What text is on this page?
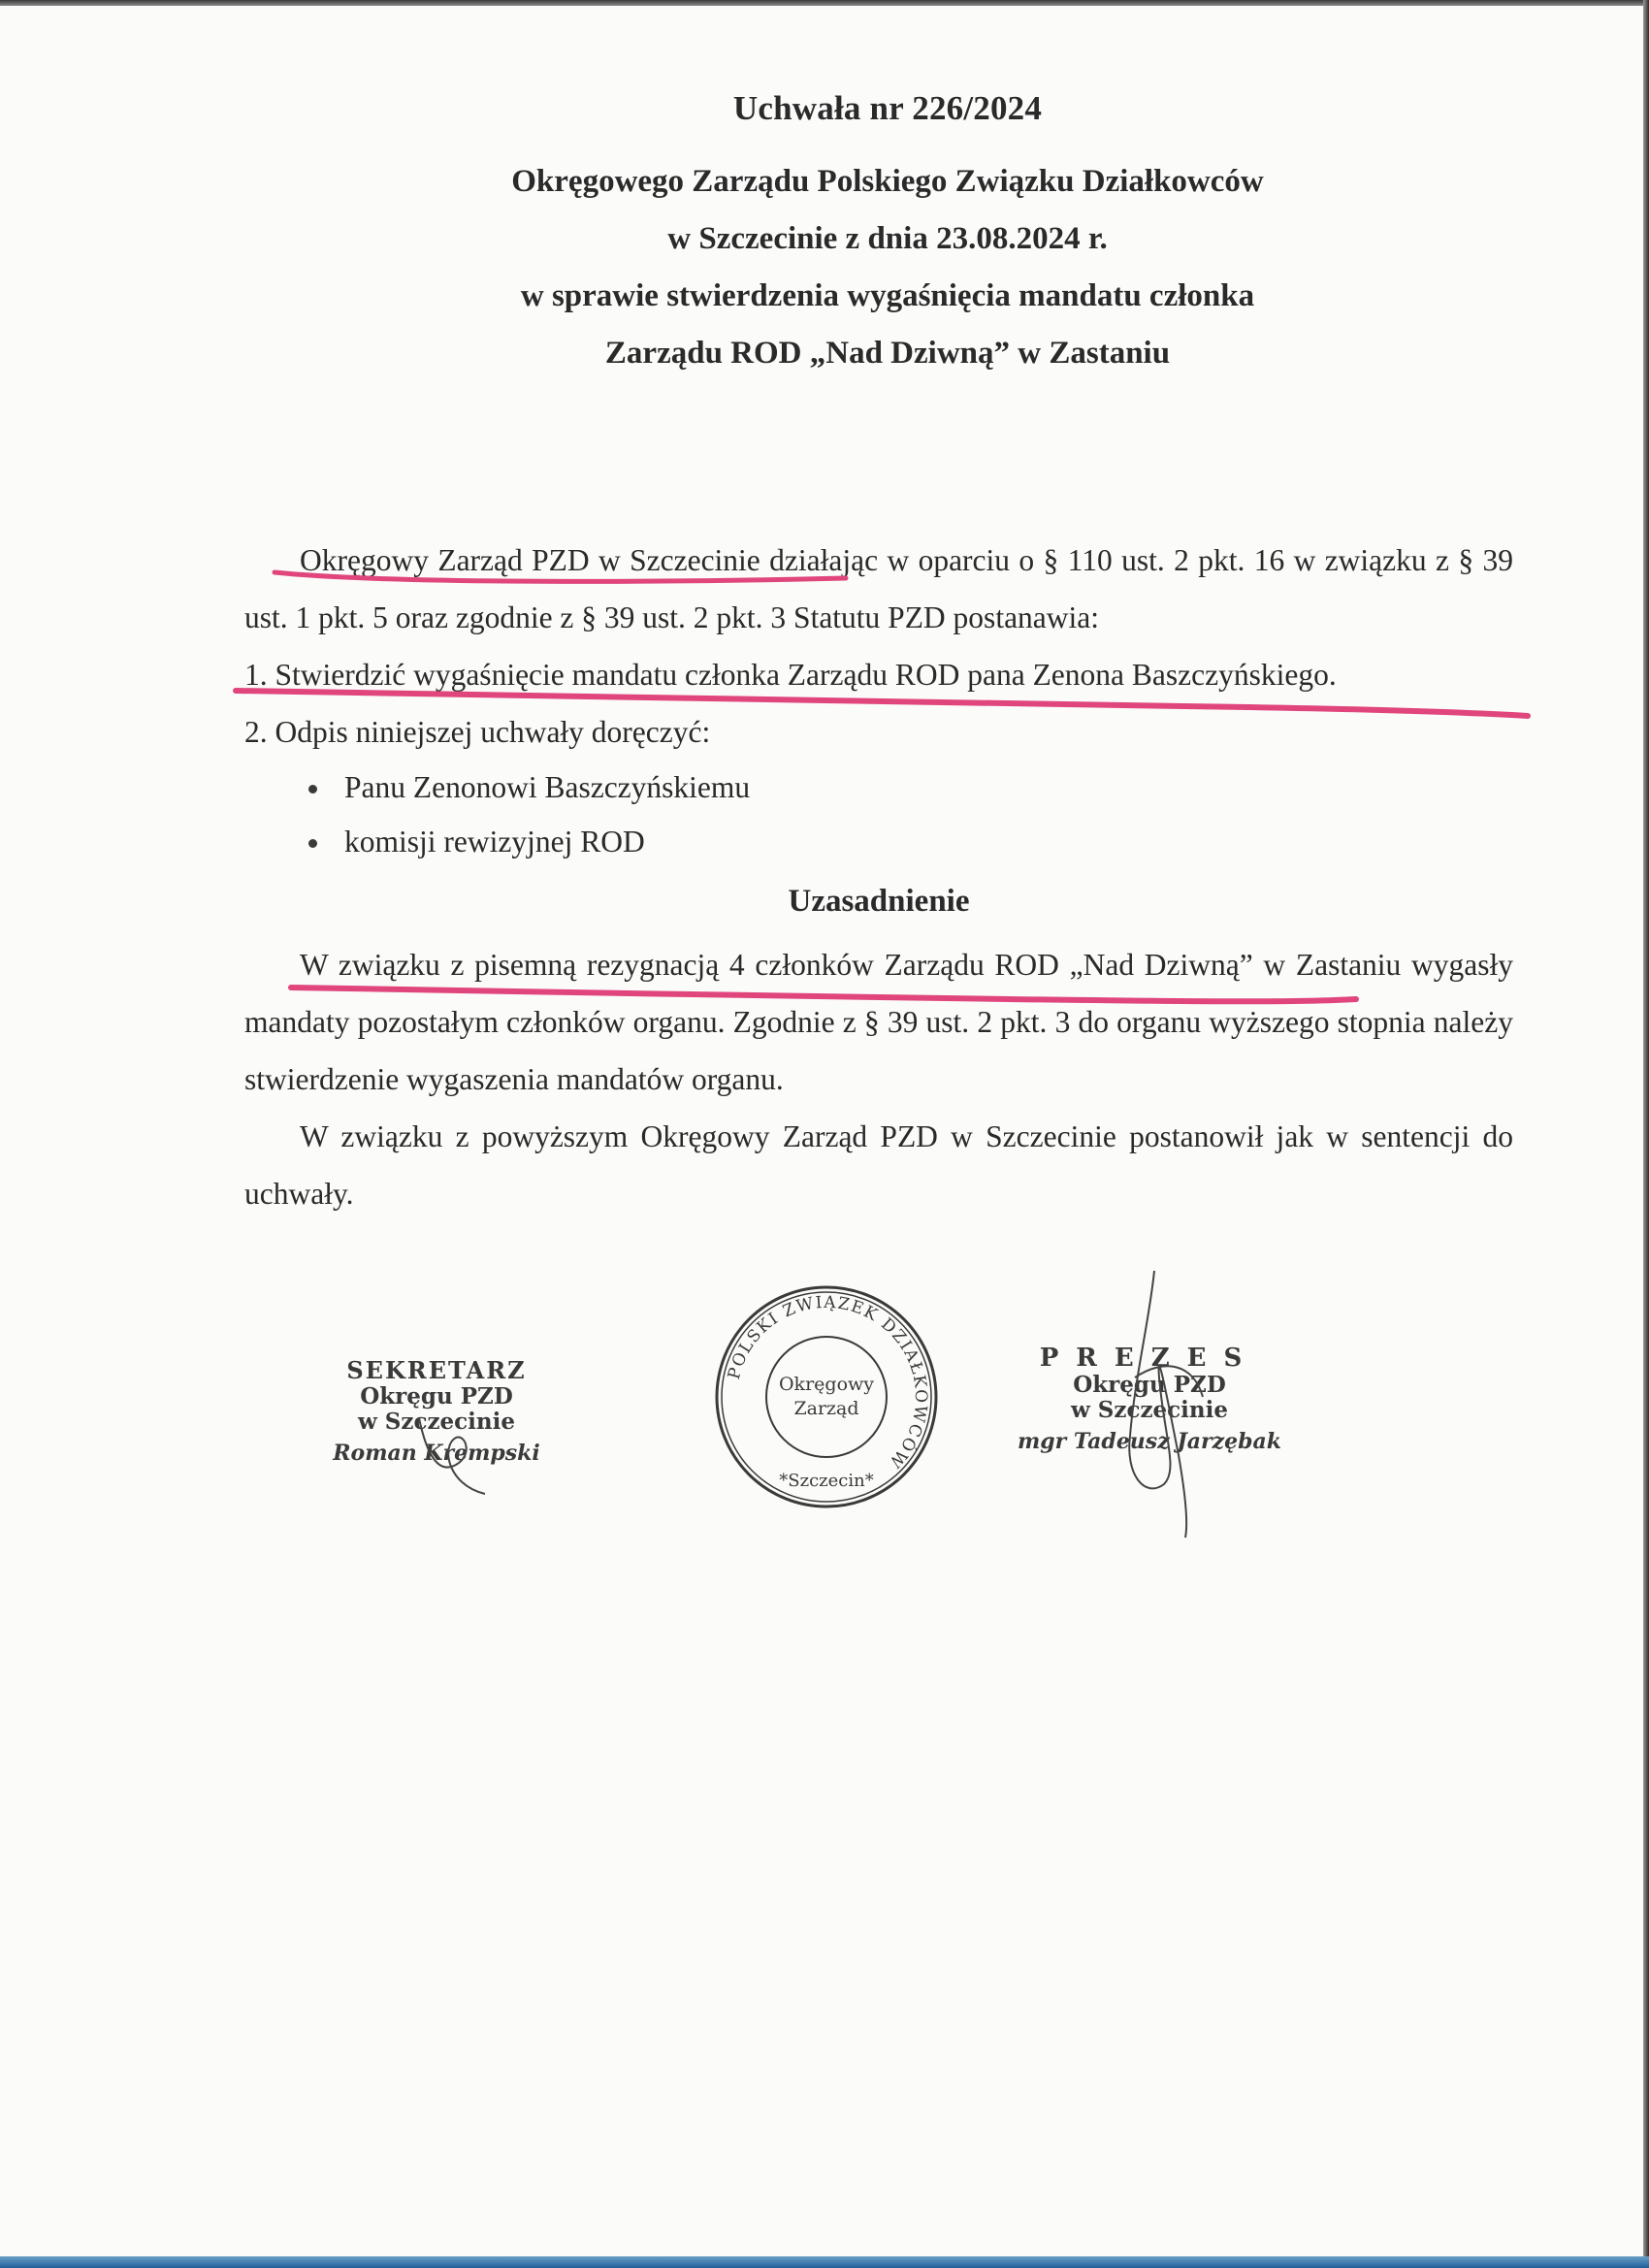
Uchwała nr 226/2024

Okręgowego Zarządu Polskiego Związku Działkowców

w Szczecinie z dnia 23.08.2024 r.

w sprawie stwierdzenia wygaśnięcia mandatu członka

Zarządu ROD „Nad Dziwną” w Zastaniu

Okręgowy Zarząd PZD w Szczecinie działając w oparciu o § 110 ust. 2 pkt. 16 w związku z § 39 ust. 1 pkt. 5 oraz zgodnie z § 39 ust. 2 pkt. 3 Statutu PZD postanawia:

1. Stwierdzić wygaśnięcie mandatu członka Zarządu ROD pana Zenona Baszczyńskiego.

2. Odpis niniejszej uchwały doręczyć:

Panu Zenonowi Baszczyńskiemu
komisji rewizyjnej ROD

Uzasadnienie

W związku z pisemną rezygnacją 4 członków Zarządu ROD „Nad Dziwną” w Zastaniu wygasły mandaty pozostałym członków organu. Zgodnie z § 39 ust. 2 pkt. 3 do organu wyższego stopnia należy stwierdzenie wygaszenia mandatów organu.

W związku z powyższym Okręgowy Zarząd PZD w Szczecinie postanowił jak w sentencji do uchwały.

POLSKI ZWIĄZEK DZIAŁKOWCÓW
Okręgowy
Zarząd
*Szczecin*
SEKRETARZ
Okręgu PZD
w Szczecinie
Roman Krempski
PREZES
Okręgu PZD
w Szczecinie
mgr Tadeusz Jarzębak
